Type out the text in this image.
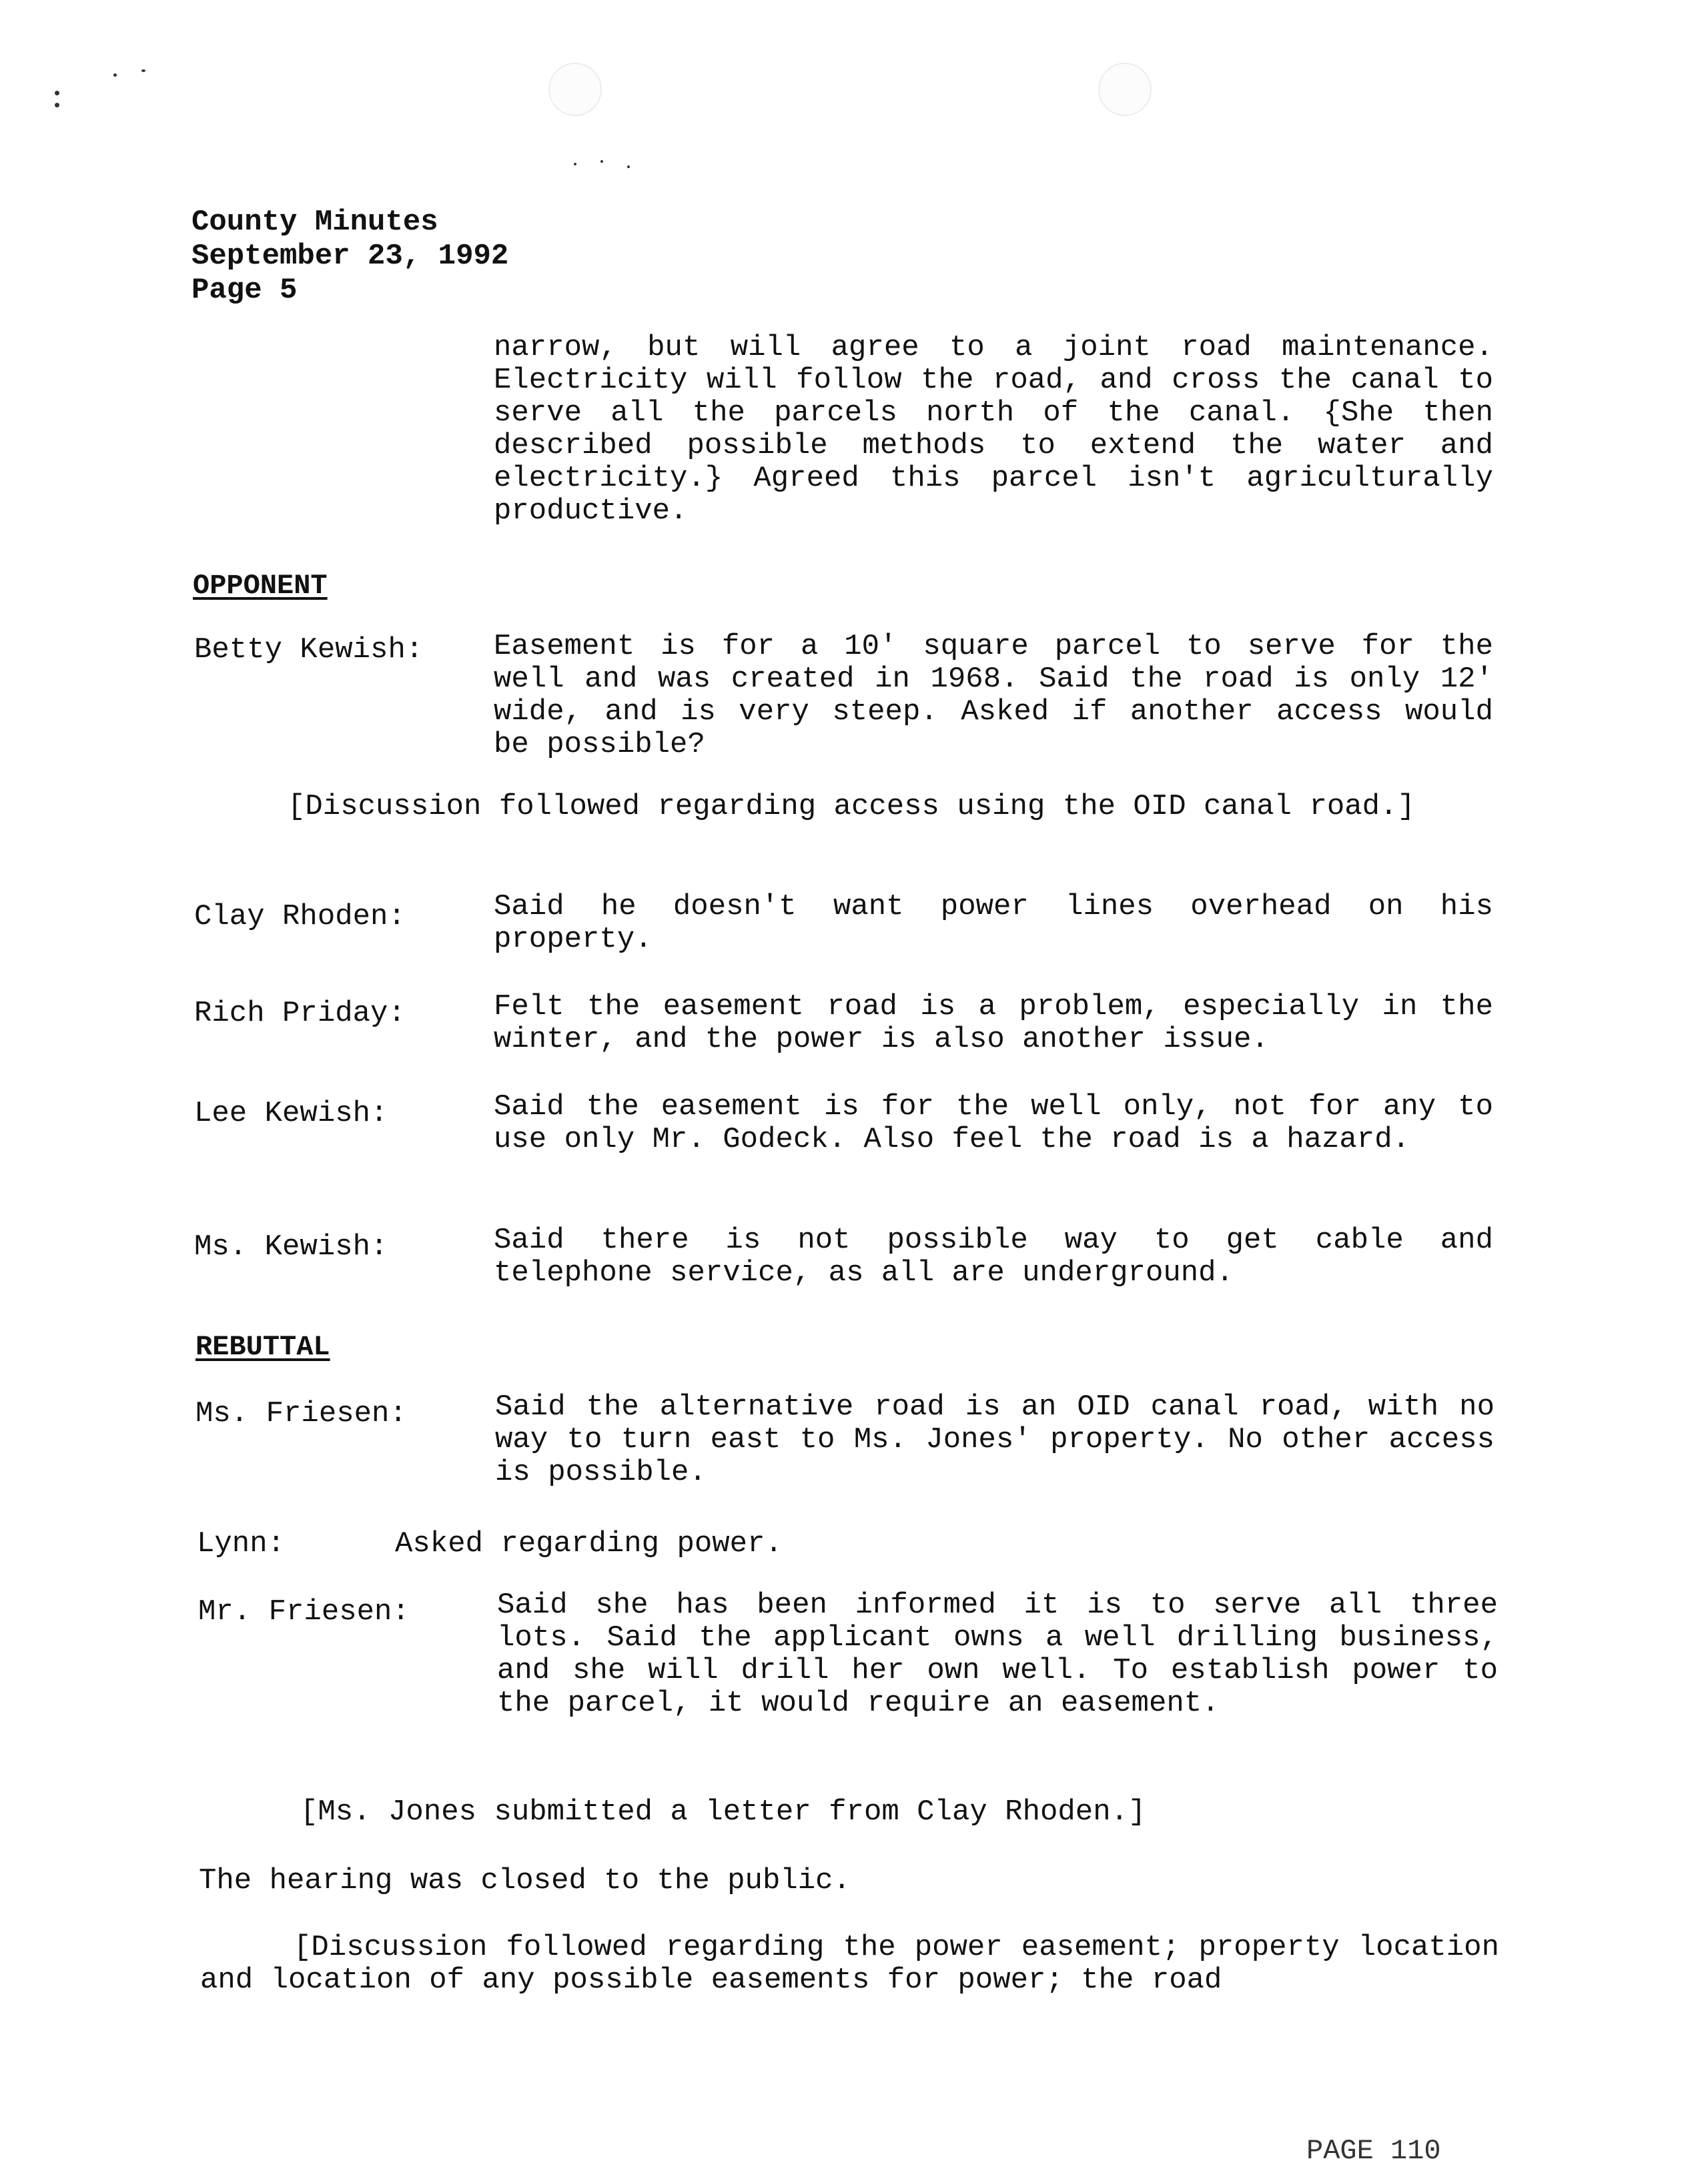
County Minutes
September 23, 1992
Page 5
narrow, but will agree to a joint road maintenance. Electricity will follow the road, and cross the canal to serve all the parcels north of the canal. {She then described possible methods to extend the water and electricity.} Agreed this parcel isn't agriculturally productive.
OPPONENT
Betty Kewish: Easement is for a 10' square parcel to serve for the well and was created in 1968. Said the road is only 12' wide, and is very steep. Asked if another access would be possible?
[Discussion followed regarding access using the OID canal road.]
Clay Rhoden:	Said he doesn't want power lines overhead on his property.
Rich Priday:	Felt the easement road is a problem, especially in the winter, and the power is also another issue.
Lee Kewish:	Said the easement is for the well only, not for any to use only Mr. Godeck. Also feel the road is a hazard.
Ms. Kewish:	Said there is not possible way to get cable and telephone service, as all are underground.
REBUTTAL
Ms. Friesen:	Said the alternative road is an OID canal road, with no way to turn east to Ms. Jones' property. No other access is possible.
Lynn:	Asked regarding power.
Mr. Friesen:	Said she has been informed it is to serve all three lots. Said the applicant owns a well drilling business, and she will drill her own well. To establish power to the parcel, it would require an easement.
[Ms. Jones submitted a letter from Clay Rhoden.]
The hearing was closed to the public.
[Discussion followed regarding the power easement; property location and location of any possible easements for power; the road
PAGE 110
